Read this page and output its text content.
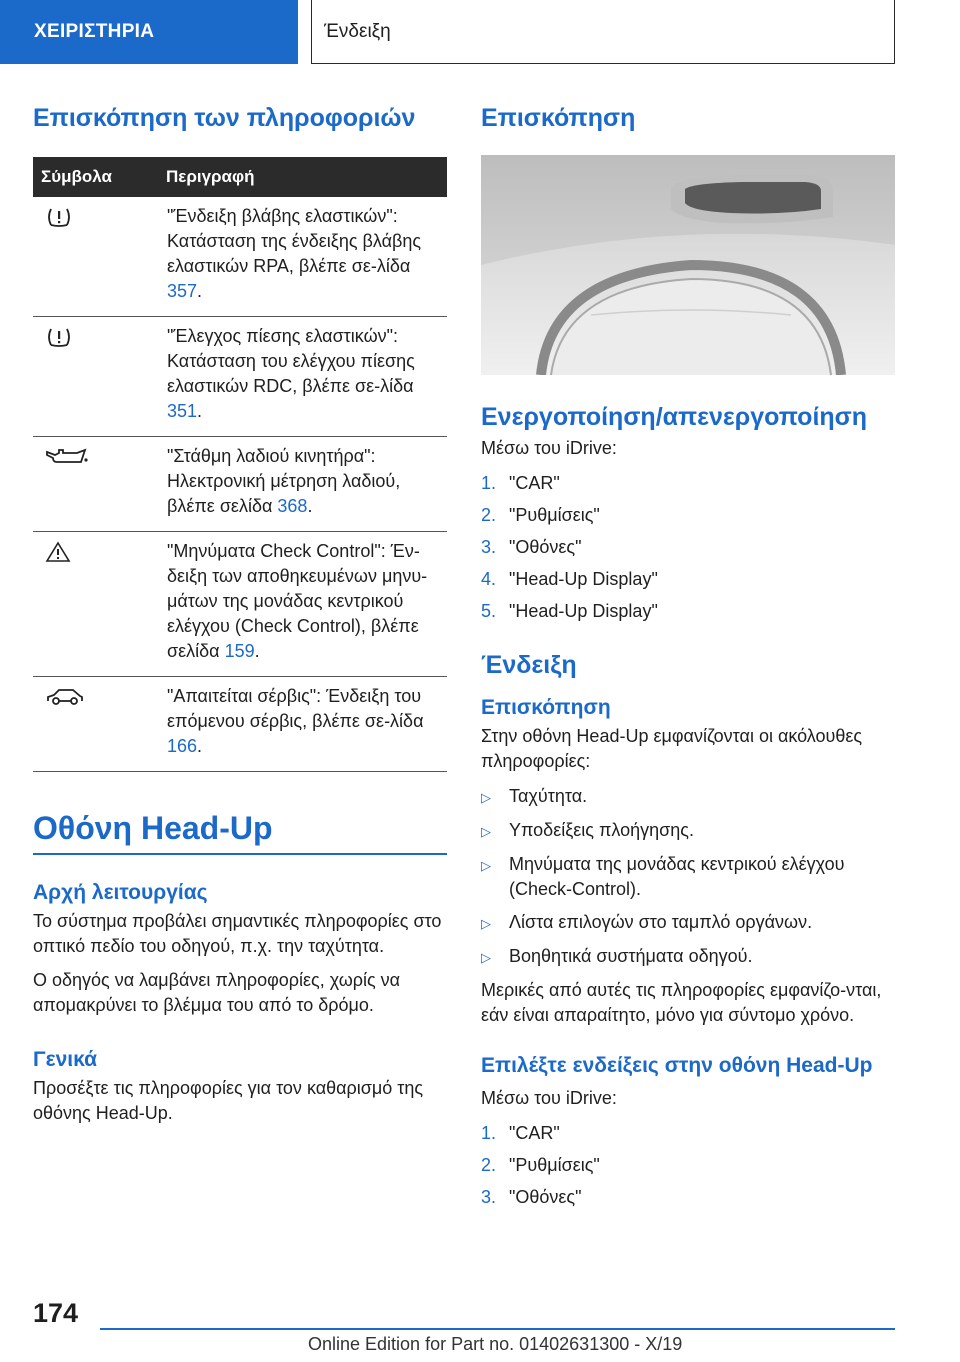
ΧΕΙΡΙΣΤΗΡΙΑ	Ένδειξη
Επισκόπηση των πληροφοριών
Σύμβολα	Περιγραφή

	"Ένδειξη βλάβης ελαστικών": Κατάσταση της ένδειξης βλάβης ελαστικών RPA, βλέπε σε-λίδα 357.

	"Έλεγχος πίεσης ελαστικών": Κατάσταση του ελέγχου πίεσης ελαστικών RDC, βλέπε σε-λίδα 351.

	"Στάθμη λαδιού κινητήρα": Ηλεκτρονική μέτρηση λαδιού, βλέπε σελίδα 368.

	"Μηνύματα Check Control": Έν-δειξη των αποθηκευμένων μηνυ-μάτων της μονάδας κεντρικού ελέγχου (Check Control), βλέπε σελίδα 159.

	"Απαιτείται σέρβις": Ένδειξη του επόμενου σέρβις, βλέπε σε-λίδα 166.
Οθόνη Head-Up
Αρχή λειτουργίας

Το σύστημα προβάλει σημαντικές πληροφορίες στο οπτικό πεδίο του οδηγού, π.χ. την ταχύτητα.

Ο οδηγός να λαμβάνει πληροφορίες, χωρίς να απομακρύνει το βλέμμα του από το δρόμο.

Γενικά

Προσέξτε τις πληροφορίες για τον καθαρισμό της οθόνης Head-Up.

Επισκόπηση
Ενεργοποίηση/απενεργοποίηση

Μέσω του iDrive:

1. "CAR"
2. "Ρυθμίσεις"
3. "Οθόνες"
4. "Head-Up Display"
5. "Head-Up Display"
Ένδειξη
Επισκόπηση

Στην οθόνη Head-Up εμφανίζονται οι ακόλουθες πληροφορίες:

▷	Ταχύτητα.
▷	Υποδείξεις πλοήγησης.
▷	Μηνύματα της μονάδας κεντρικού ελέγχου (Check-Control).
▷	Λίστα επιλογών στο ταμπλό οργάνων.
▷	Βοηθητικά συστήματα οδηγού.

Μερικές από αυτές τις πληροφορίες εμφανίζο-νται, εάν είναι απαραίτητο, μόνο για σύντομο χρόνο.

Επιλέξτε ενδείξεις στην οθόνη Head-Up

Μέσω του iDrive:

1. "CAR"
2. "Ρυθμίσεις"
3. "Οθόνες"
174
Online Edition for Part no. 01402631300 - X/19
